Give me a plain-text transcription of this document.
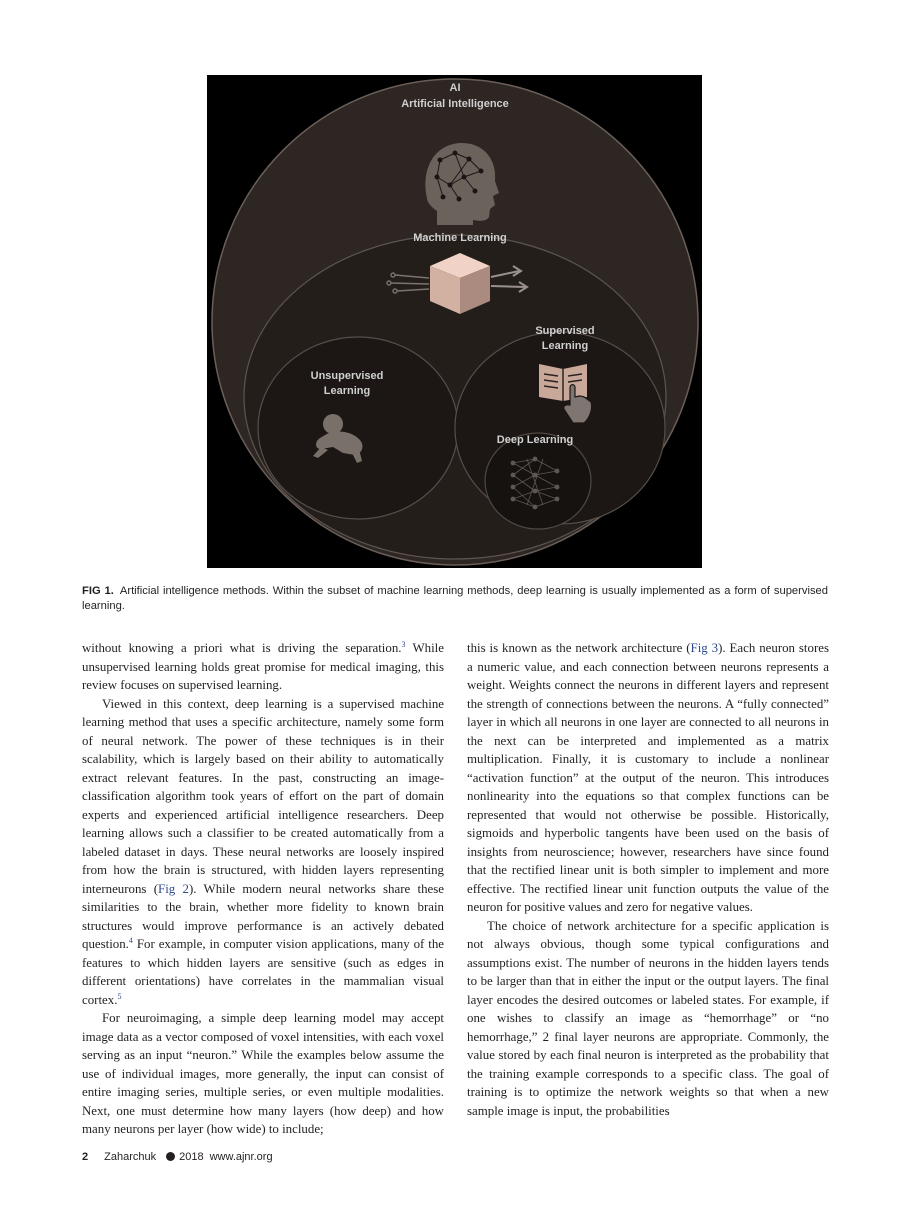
AI
Artificial Intelligence
Machine Learning
Supervised
Learning
Unsupervised
Learning
Deep Learning
FIG 1. Artificial intelligence methods. Within the subset of machine learning methods, deep learning is usually implemented as a form of supervised learning.

without knowing a priori what is driving the separation.$^3$ While unsupervised learning holds great promise for medical imaging, this review focuses on supervised learning.

Viewed in this context, deep learning is a supervised machine learning method that uses a specific architecture, namely some form of neural network. The power of these techniques is in their scalability, which is largely based on their ability to automatically extract relevant features. In the past, constructing an image-classification algorithm took years of effort on the part of domain experts and experienced artificial intelligence researchers. Deep learning allows such a classifier to be created automatically from a labeled dataset in days. These neural networks are loosely inspired from how the brain is structured, with hidden layers representing interneurons (Fig 2). While modern neural networks share these similarities to the brain, whether more fidelity to known brain structures would improve performance is an actively debated question.$^4$ For example, in computer vision applications, many of the features to which hidden layers are sensitive (such as edges in different orientations) have correlates in the mammalian visual cortex.$^5$

For neuroimaging, a simple deep learning model may accept image data as a vector composed of voxel intensities, with each voxel serving as an input “neuron.” While the examples below assume the use of individual images, more generally, the input can consist of entire imaging series, multiple series, or even multiple modalities. Next, one must determine how many layers (how deep) and how many neurons per layer (how wide) to include;

this is known as the network architecture (Fig 3). Each neuron stores a numeric value, and each connection between neurons represents a weight. Weights connect the neurons in different layers and represent the strength of connections between the neurons. A “fully connected” layer in which all neurons in one layer are connected to all neurons in the next can be interpreted and implemented as a matrix multiplication. Finally, it is customary to include a nonlinear “activation function” at the output of the neuron. This introduces nonlinearity into the equations so that complex functions can be represented that would not otherwise be possible. Historically, sigmoids and hyperbolic tangents have been used on the basis of insights from neuroscience; however, researchers have since found that the rectified linear unit is both simpler to implement and more effective. The rectified linear unit function outputs the value of the neuron for positive values and zero for negative values.

The choice of network architecture for a specific application is not always obvious, though some typical configurations and assumptions exist. The number of neurons in the hidden layers tends to be larger than that in either the input or the output layers. The final layer encodes the desired outcomes or labeled states. For example, if one wishes to classify an image as “hemorrhage” or “no hemorrhage,” 2 final layer neurons are appropriate. Commonly, the value stored by each final neuron is interpreted as the probability that the training example corresponds to a specific class. The goal of training is to optimize the network weights so that when a new sample image is input, the probabilities

2 Zaharchuk 2018 www.ajnr.org
